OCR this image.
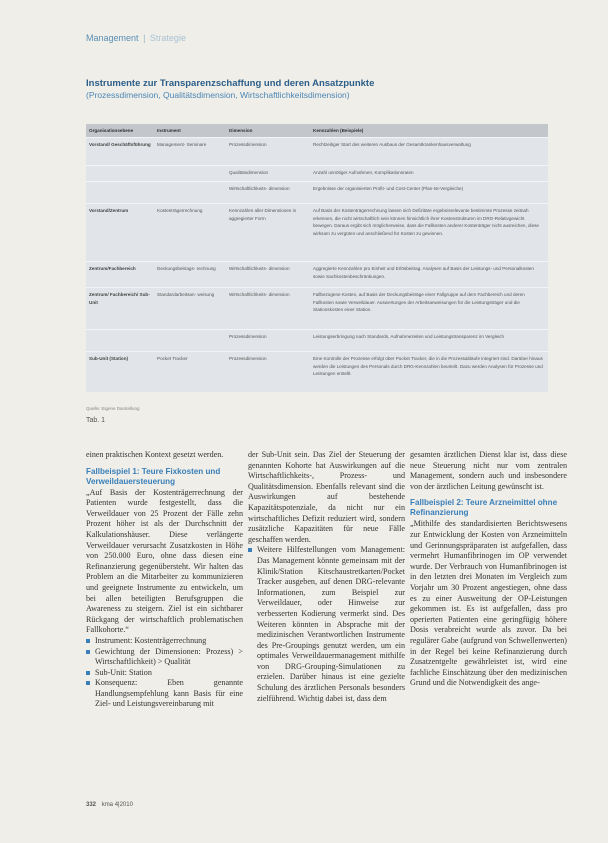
Management | Strategie
Instrumente zur Transparenzschaffung und deren Ansatzpunkte
(Prozessdimension, Qualitätsdimension, Wirtschaftlichkeitsdimension)
Organisationsebene	Instrument	Dimension	Kennzahlen (Beispiele)
Vorstand/ Geschäftsführung	Management- Seminare	Prozessdimension	Rechtzeitiger Start des weiteren Ausbaus der Gesamtkrankenhausverwaltung
		Qualitätsdimension	Anzahl unnötiger Aufnahmen, Komplikationsraten
		Wirtschaftlichkeits- dimension	Ergebnisse der organisierten Profit- und Cost-Center (Plan-Ist-Vergleiche)
Vorstand/Zentrum	Kostenträgerrechnung	Kennzahlen aller Dimensionen in aggregierter Form	Auf Basis der Kostenträgerrechnung lassen sich Defizitäre ergebnisrelevante bestimmte Prozesse zeitnah erkennen, die nicht wirtschaftlich sein können hinsichtlich ihrer Kostenstrukturen im DRG-Relativgewicht bewegen. Daraus ergibt sich möglicherweise, dass die Fallkosten anderer Kostenträger nicht ausreichen, diese wirksam zu vergüten und anschließend für Kosten zu gewinnen.
Zentrum/Fachbereich	Deckungsbeitrags- rechnung	Wirtschaftlichkeits- dimension	Aggregierte Kennzahlen pro Einheit und Erlösbeitrag. Analysen auf Basis der Leistungs- und Personalkosten sowie Sachkostenbeschränkungen.
Zentrum/ Fachbereich/ Sub-Unit	Standardarbeitsan- weisung	Wirtschaftlichkeits- dimension	Fallbezogene Kosten, auf Basis der Deckungsbeiträge einer Fallgruppe auf dem Fachbereich und deren Fallkosten sowie Verweildauer. Auswertungen der Arbeitsanweisungen für die Leistungsträger und die Stationskosten einer Station.
		Prozessdimension	Leistungserbringung nach Standards, Aufnahmezeiten und Leistungstransparenz im Vergleich
Sub-Unit (Station)	Pocket Tracker	Prozessdimension	Eine Kontrolle der Prozesse erfolgt über Pocket Tracker, die in die Prozessabläufe integriert sind. Darüber hinaus werden die Leistungen des Personals durch DRG-Kennzahlen beurteilt. Dazu werden Analysen für Prozesse und Leistungen erstellt.
Quelle: Eigene Darstellung
Tab. 1

einen praktischen Kontext gesetzt werden.

Fallbeispiel 1: Teure Fixkosten und Verweildauersteuerung

„Auf Basis der Kostenträgerrechnung der Patienten wurde festgestellt, dass die Verweildauer von 25 Prozent der Fälle zehn Prozent höher ist als der Durchschnitt der Kalkulationshäuser. Diese verlängerte Verweildauer verursacht Zusatzkosten in Höhe von 250.000 Euro, ohne dass diesen eine Refinanzierung gegenübersteht. Wir halten das Problem an die Mitarbeiter zu kommunizieren und geeignete Instrumente zu entwickeln, um bei allen beteiligten Berufsgruppen die Awareness zu steigern. Ziel ist ein sichtbarer Rückgang der wirtschaftlich problematischen Fallkohorte.“

Instrument: Kostenträgerrechnung
Gewichtung der Dimensionen: Prozess) > Wirtschaftlichkeit) > Qualität
Sub-Unit: Station
Konsequenz: Eben genannte Handlungsempfehlung kann Basis für eine Ziel- und Leistungsvereinbarung mit

der Sub-Unit sein. Das Ziel der Steuerung der genannten Kohorte hat Auswirkungen auf die Wirtschaftlichkeits-, Prozess- und Qualitätsdimension. Ebenfalls relevant sind die Auswirkungen auf bestehende Kapazitätspotenziale, da nicht nur ein wirtschaftliches Defizit reduziert wird, sondern zusätzliche Kapazitäten für neue Fälle geschaffen werden.

Weitere Hilfestellungen vom Management: Das Management könnte gemeinsam mit der Klinik/Station Kitschaustretkarten/Pocket Tracker ausgeben, auf denen DRG-relevante Informationen, zum Beispiel zur Verweildauer, oder Hinweise zur verbesserten Kodierung vermerkt sind. Des Weiteren könnten in Absprache mit der medizinischen Verantwortlichen Instrumente des Pre-Groupings genutzt werden, um ein optimales Verweildauermanagement mithilfe von DRG-Grouping-Simulationen zu erzielen. Darüber hinaus ist eine gezielte Schulung des ärztlichen Personals besonders zielführend. Wichtig dabei ist, dass dem

gesamten ärztlichen Dienst klar ist, dass diese neue Steuerung nicht nur vom zentralen Management, sondern auch und insbesondere von der ärztlichen Leitung gewünscht ist.

Fallbeispiel 2: Teure Arzneimittel ohne Refinanzierung

„Mithilfe des standardisierten Berichtswesens zur Entwicklung der Kosten von Arzneimitteln und Gerinnungspräparaten ist aufgefallen, dass vermehrt Humanfibrinogen im OP verwendet wurde. Der Verbrauch von Humanfibrinogen ist in den letzten drei Monaten im Vergleich zum Vorjahr um 30 Prozent angestiegen, ohne dass es zu einer Ausweitung der OP-Leistungen gekommen ist. Es ist aufgefallen, dass pro operierten Patienten eine geringfügig höhere Dosis verabreicht wurde als zuvor. Da bei regulärer Gabe (aufgrund von Schwellenwerten) in der Regel bei keine Refinanzierung durch Zusatzentgelte gewährleistet ist, wird eine fachliche Einschätzung über den medizinischen Grund und die Notwendigkeit des ange-

332 kma 4|2010
